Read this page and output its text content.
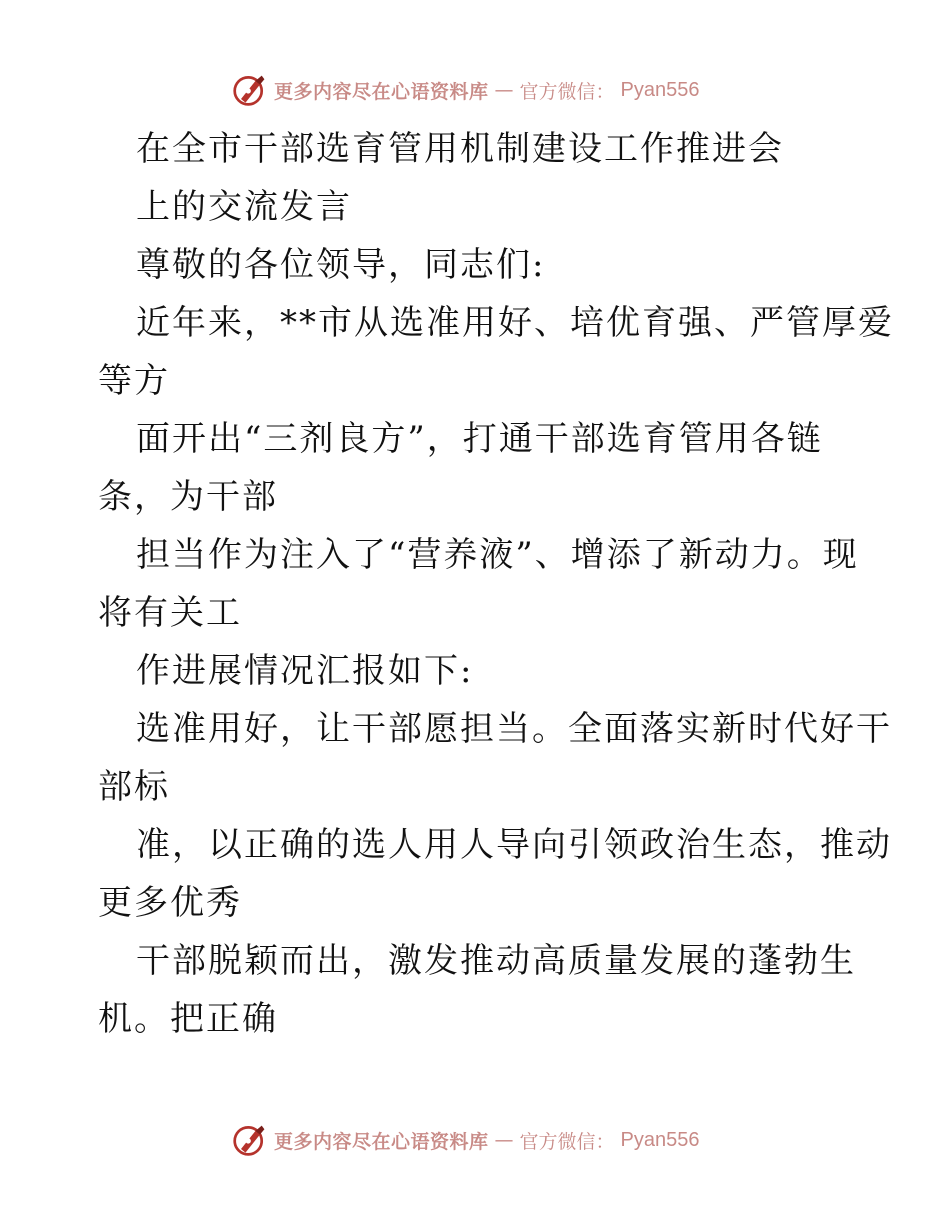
更多内容尽在心语资料库 — 官方微信： Pyan556
在全市干部选育管用机制建设工作推进会
上的交流发言
尊敬的各位领导，同志们:
近年来，**市从选准用好、培优育强、严管厚爱
等方
面开出“三剂良方”，打通干部选育管用各链
条，为干部
担当作为注入了“营养液”、增添了新动力。现
将有关工
作进展情况汇报如下:
选准用好，让干部愿担当。全面落实新时代好干
部标
准，以正确的选人用人导向引领政治生态，推动
更多优秀
干部脱颖而出，激发推动高质量发展的蓬勃生
机。把正确
更多内容尽在心语资料库 — 官方微信： Pyan556
